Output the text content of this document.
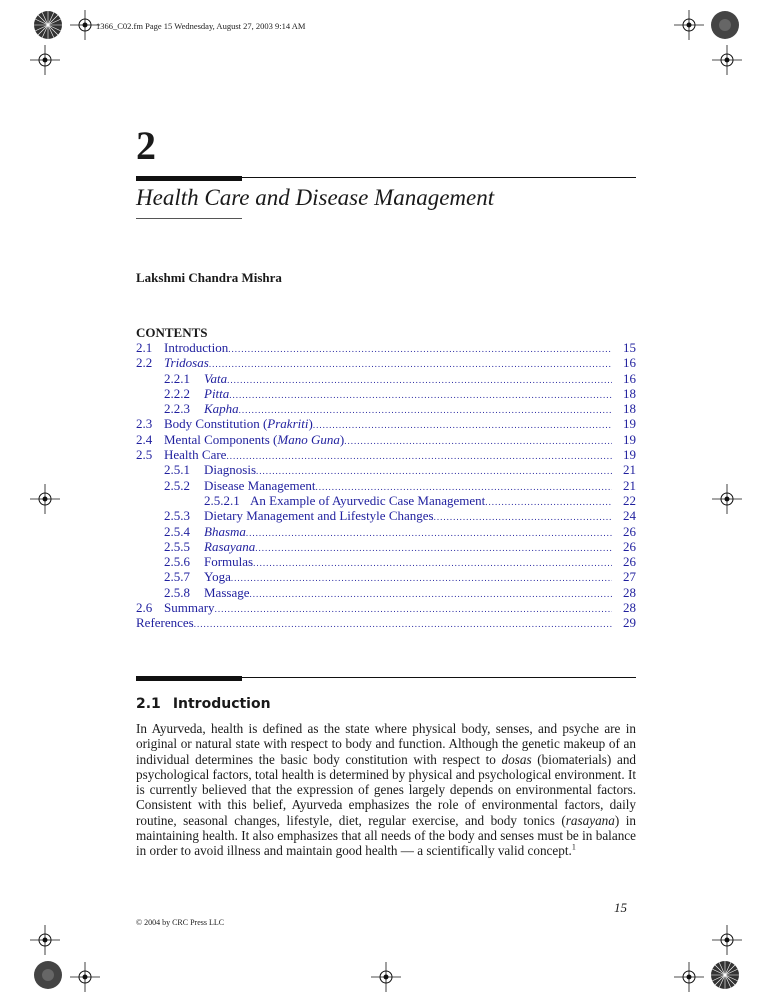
1366_C02.fm Page 15 Wednesday, August 27, 2003 9:14 AM
2
Health Care and Disease Management
Lakshmi Chandra Mishra
CONTENTS
2.1 Introduction .....	15
2.2 Tridosas .....	16
2.2.1	Vata .....	16
2.2.2	Pitta .....	18
2.2.3	Kapha .....	18
2.3 Body Constitution (Prakriti) .....	19
2.4 Mental Components (Mano Guna) .....	19
2.5 Health Care .....	19
2.5.1	Diagnosis .....	21
2.5.2	Disease Management .....	21
2.5.2.1 An Example of Ayurvedic Case Management .....	22
2.5.3	Dietary Management and Lifestyle Changes .....	24
2.5.4	Bhasma .....	26
2.5.5	Rasayana .....	26
2.5.6	Formulas .....	26
2.5.7	Yoga .....	27
2.5.8	Massage .....	28
2.6 Summary .....	28
References .....	29
2.1 Introduction

In Ayurveda, health is defined as the state where physical body, senses, and psyche are in original or natural state with respect to body and function. Although the genetic makeup of an individual determines the basic body constitution with respect to dosas (biomaterials) and psychological factors, total health is determined by physical and psychological environment. It is currently believed that the expression of genes largely depends on environmental factors. Consistent with this belief, Ayurveda emphasizes the role of environmental factors, daily routine, seasonal changes, lifestyle, diet, regular exercise, and body tonics (rasayana) in maintaining health. It also emphasizes that all needs of the body and senses must be in balance in order to avoid illness and maintain good health — a scientifically valid concept.$^1$

15
© 2004 by CRC Press LLC
